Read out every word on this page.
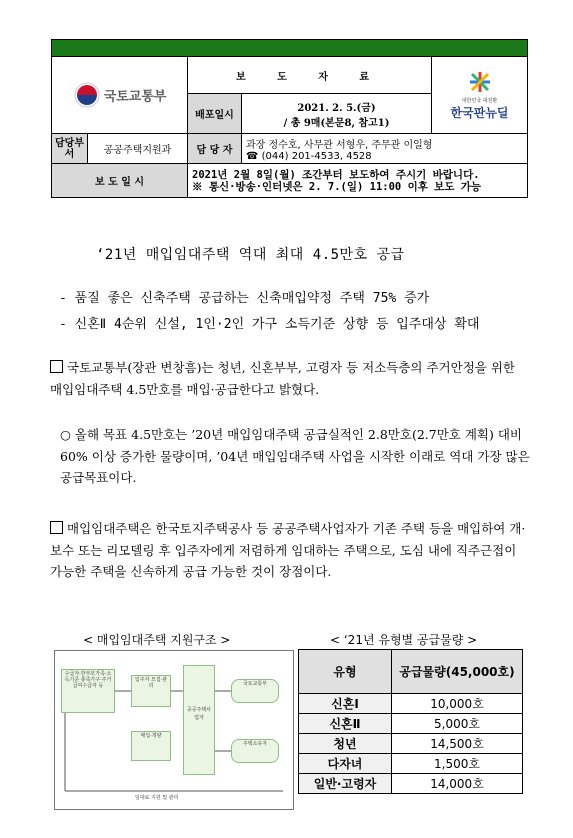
국토교통부		보 도 자 료		대한민국 대전환
한국판뉴딜

		배포일시	2021. 2. 5.(금)
/ 총 9매(본문8, 참고1)	

담당부서	공공주택지원과	담 당 자	과장 정수호, 사무관 서형우, 주무관 이일형
☎ (044) 201-4533, 4528	

보 도 일 시		2021년 2월 8일(월) 조간부터 보도하여 주시기 바랍니다.
※ 통신·방송·인터넷은 2. 7.(일) 11:00 이후 보도 가능		
‘21년 매입임대주택 역대 최대 4.5만호 공급
- 품질 좋은 신축주택 공급하는 신축매입약정 주택 75% 증가
- 신혼Ⅱ 4순위 신설, 1인·2인 가구 소득기준 상향 등 입주대상 확대
국토교통부(장관 변창흠)는 청년, 신혼부부, 고령자 등 저소득층의 주거안정을 위한 매입임대주택 4.5만호를 매입·공급한다고 밝혔다.
○ 올해 목표 4.5만호는 ’20년 매입임대주택 공급실적인 2.8만호(2.7만호 계획) 대비 60% 이상 증가한 물량이며, ’04년 매입임대주택 사업을 시작한 이래로 역대 가장 많은 공급목표이다.
매입임대주택은 한국토지주택공사 등 공공주택사업자가 기존 주택 등을 매입하여 개·보수 또는 리모델링 후 입주자에게 저렴하게 임대하는 주택으로, 도심 내에 직주근접이 가능한 주택을 신속하게 공급 가능한 것이 장점이다.
< 매입임대주택 지원구조 >	< ‘21년 유형별 공급물량 >
수급자·한부모가족·소득기준 충족가구·주거급여수급자 등
입주자 모집·관리
공공주택사업자
국토교통부
주택소유자
매입·개량
임대료 지원 및 관리
유형	공급물량(45,000호)
신혼Ⅰ	10,000호
신혼Ⅱ	5,000호
청년	14,500호
다자녀	1,500호
일반·고령자	14,000호
